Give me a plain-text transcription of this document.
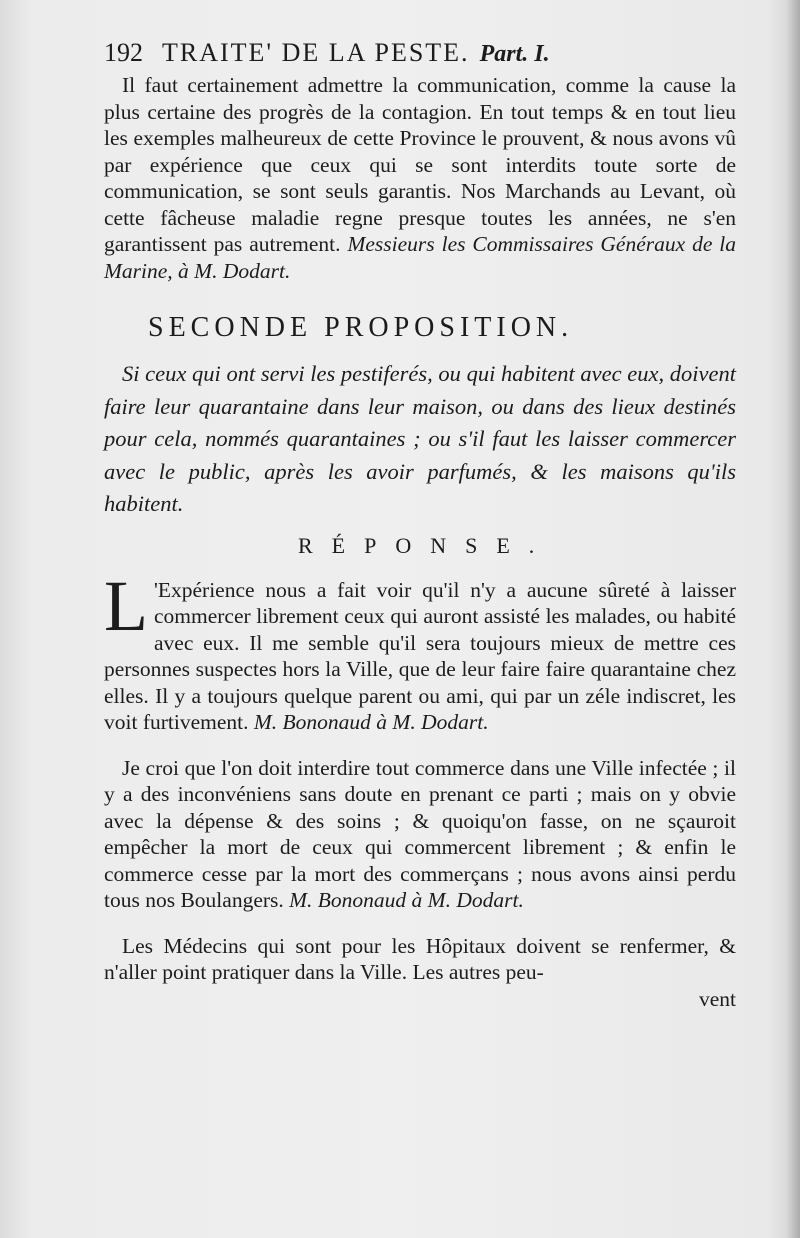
192 TRAITE' DE LA PESTE. Part. I.

Il faut certainement admettre la communication, comme la cause la plus certaine des progrès de la contagion. En tout temps & en tout lieu les exemples malheureux de cette Province le prouvent, & nous avons vû par expérience que ceux qui se sont interdits toute sorte de communication, se sont seuls garantis. Nos Marchands au Levant, où cette fâcheuse maladie regne presque toutes les années, ne s'en garantissent pas autrement. Messieurs les Commissaires Généraux de la Marine, à M. Dodart.

SECONDE PROPOSITION.

Si ceux qui ont servi les pestiferés, ou qui habitent avec eux, doivent faire leur quarantaine dans leur maison, ou dans des lieux destinés pour cela, nommés quarantaines ; ou s'il faut les laisser commercer avec le public, après les avoir parfumés, & les maisons qu'ils habitent.

RÉPONSE.

L 'Expérience nous a fait voir qu'il n'y a aucune sûreté à laisser commercer librement ceux qui auront assisté les malades, ou habité avec eux. Il me semble qu'il sera toujours mieux de mettre ces personnes suspectes hors la Ville, que de leur faire faire quarantaine chez elles. Il y a toujours quelque parent ou ami, qui par un zéle indiscret, les voit furtivement. M. Bononaud à M. Dodart.

Je croi que l'on doit interdire tout commerce dans une Ville infectée ; il y a des inconvéniens sans doute en prenant ce parti ; mais on y obvie avec la dépense & des soins ; & quoiqu'on fasse, on ne sçauroit empêcher la mort de ceux qui commercent librement ; & enfin le commerce cesse par la mort des commerçans ; nous avons ainsi perdu tous nos Boulangers. M. Bononaud à M. Dodart.

Les Médecins qui sont pour les Hôpitaux doivent se renfermer, & n'aller point pratiquer dans la Ville. Les autres peu-

vent
